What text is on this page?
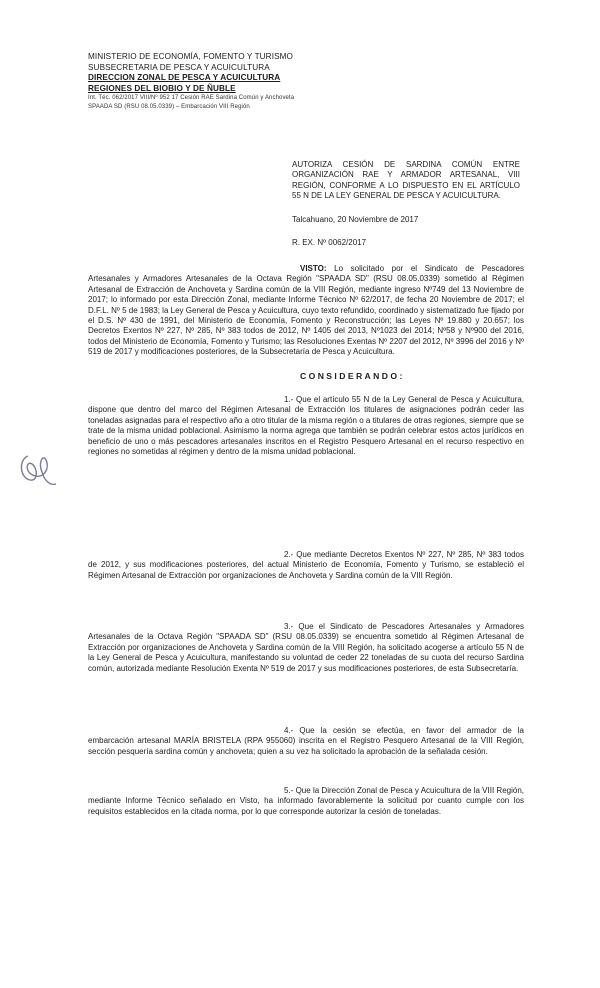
MINISTERIO DE ECONOMÍA, FOMENTO Y TURISMO
SUBSECRETARIA DE PESCA Y ACUICULTURA
DIRECCION ZONAL DE PESCA Y ACUICULTURA
REGIONES DEL BIOBIO Y DE ÑUBLE
Int. Téc. 062/2017 VIII/Nº 952 17 Cesión RAE Sardina Común y Anchoveta
SPAADA SD (RSU 08.05.0339) – Embarcación VIII Región
AUTORIZA CESIÓN DE SARDINA COMÚN ENTRE ORGANIZACIÓN RAE Y ARMADOR ARTESANAL, VIII REGIÓN, CONFORME A LO DISPUESTO EN EL ARTÍCULO 55 N DE LA LEY GENERAL DE PESCA Y ACUICULTURA.
Talcahuano, 20 Noviembre de 2017
R. EX. Nº 0062/2017
VISTO: Lo solicitado por el Sindicato de Pescadores Artesanales y Armadores Artesanales de la Octava Región "SPAADA SD" (RSU 08.05.0339) sometido al Régimen Artesanal de Extracción de Anchoveta y Sardina común de la VIII Región, mediante ingreso Nº749 del 13 Noviembre de 2017; lo informado por esta Dirección Zonal, mediante Informe Técnico Nº 62/2017, de fecha 20 Noviembre de 2017; el D.F.L. Nº 5 de 1983; la Ley General de Pesca y Acuicultura, cuyo texto refundido, coordinado y sistematizado fue fijado por el D.S. Nº 430 de 1991, del Ministerio de Economía, Fomento y Reconstrucción; las Leyes Nº 19.880 y 20.657; los Decretos Exentos Nº 227, Nº 285, Nº 383 todos de 2012, Nº 1405 del 2013, Nº1023 del 2014; Nº58 y Nº900 del 2016, todos del Ministerio de Economía, Fomento y Turismo; las Resoluciones Exentas Nº 2207 del 2012, Nº 3996 del 2016 y Nº 519 de 2017 y modificaciones posteriores, de la Subsecretaría de Pesca y Acuicultura.
CONSIDERANDO:
1.- Que el artículo 55 N de la Ley General de Pesca y Acuicultura, dispone que dentro del marco del Régimen Artesanal de Extracción los titulares de asignaciones podrán ceder las toneladas asignadas para el respectivo año a otro titular de la misma región o a titulares de otras regiones, siempre que se trate de la misma unidad poblacional. Asimismo la norma agrega que también se podrán celebrar estos actos jurídicos en beneficio de uno o más pescadores artesanales inscritos en el Registro Pesquero Artesanal en el recurso respectivo en regiones no sometidas al régimen y dentro de la misma unidad poblacional.
2.- Que mediante Decretos Exentos Nº 227, Nº 285, Nº 383 todos de 2012, y sus modificaciones posteriores, del actual Ministerio de Economía, Fomento y Turismo, se estableció el Régimen Artesanal de Extracción por organizaciones de Anchoveta y Sardina común de la VIII Región.
3.- Que el Sindicato de Pescadores Artesanales y Armadores Artesanales de la Octava Región "SPAADA SD" (RSU 08.05.0339) se encuentra sometido al Régimen Artesanal de Extracción por organizaciones de Anchoveta y Sardina común de la VIII Región, ha solicitado acogerse a artículo 55 N de la Ley General de Pesca y Acuicultura, manifestando su voluntad de ceder 22 toneladas de su cuota del recurso Sardina común, autorizada mediante Resolución Exenta Nº 519 de 2017 y sus modificaciones posteriores, de esta Subsecretaría.
4.- Que la cesión se efectúa, en favor del armador de la embarcación artesanal MARÍA BRISTELA (RPA 955060) inscrita en el Registro Pesquero Artesanal de la VIII Región, sección pesquería sardina común y anchoveta; quien a su vez ha solicitado la aprobación de la señalada cesión.
5.- Que la Dirección Zonal de Pesca y Acuicultura de la VIII Región, mediante Informe Técnico señalado en Visto, ha informado favorablemente la solicitud por cuanto cumple con los requisitos establecidos en la citada norma, por lo que corresponde autorizar la cesión de toneladas.
